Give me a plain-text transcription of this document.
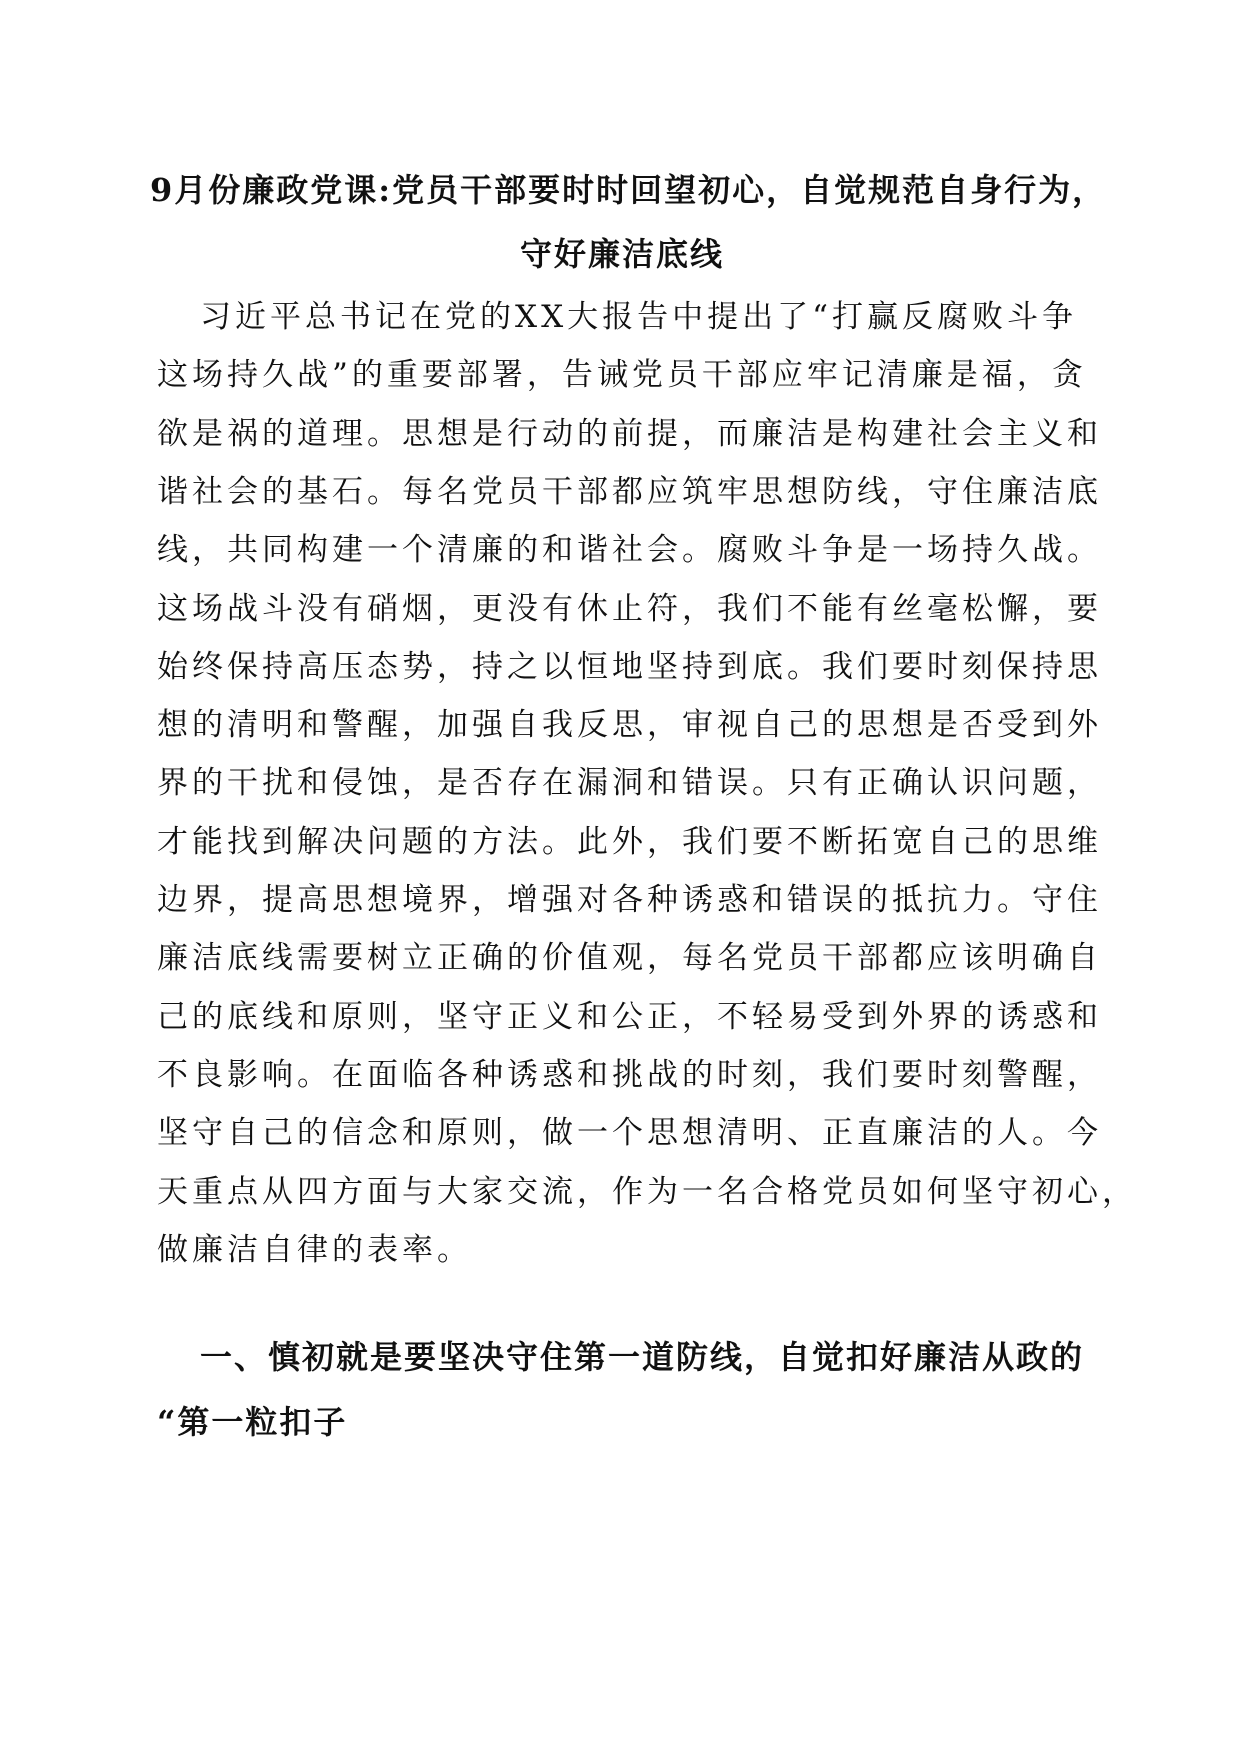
9月份廉政党课:党员干部要时时回望初心，自觉规范自身行为，
守好廉洁底线
习近平总书记在党的XX大报告中提出了“打赢反腐败斗争
这场持久战”的重要部署，告诫党员干部应牢记清廉是福，贪
欲是祸的道理。思想是行动的前提，而廉洁是构建社会主义和
谐社会的基石。每名党员干部都应筑牢思想防线，守住廉洁底
线，共同构建一个清廉的和谐社会。腐败斗争是一场持久战。
这场战斗没有硝烟，更没有休止符，我们不能有丝毫松懈，要
始终保持高压态势，持之以恒地坚持到底。我们要时刻保持思
想的清明和警醒，加强自我反思，审视自己的思想是否受到外
界的干扰和侵蚀，是否存在漏洞和错误。只有正确认识问题，
才能找到解决问题的方法。此外，我们要不断拓宽自己的思维
边界，提高思想境界，增强对各种诱惑和错误的抵抗力。守住
廉洁底线需要树立正确的价值观，每名党员干部都应该明确自
己的底线和原则，坚守正义和公正，不轻易受到外界的诱惑和
不良影响。在面临各种诱惑和挑战的时刻，我们要时刻警醒，
坚守自己的信念和原则，做一个思想清明、正直廉洁的人。今
天重点从四方面与大家交流，作为一名合格党员如何坚守初心，
做廉洁自律的表率。
一、慎初就是要坚决守住第一道防线，自觉扣好廉洁从政的
“第一粒扣子
